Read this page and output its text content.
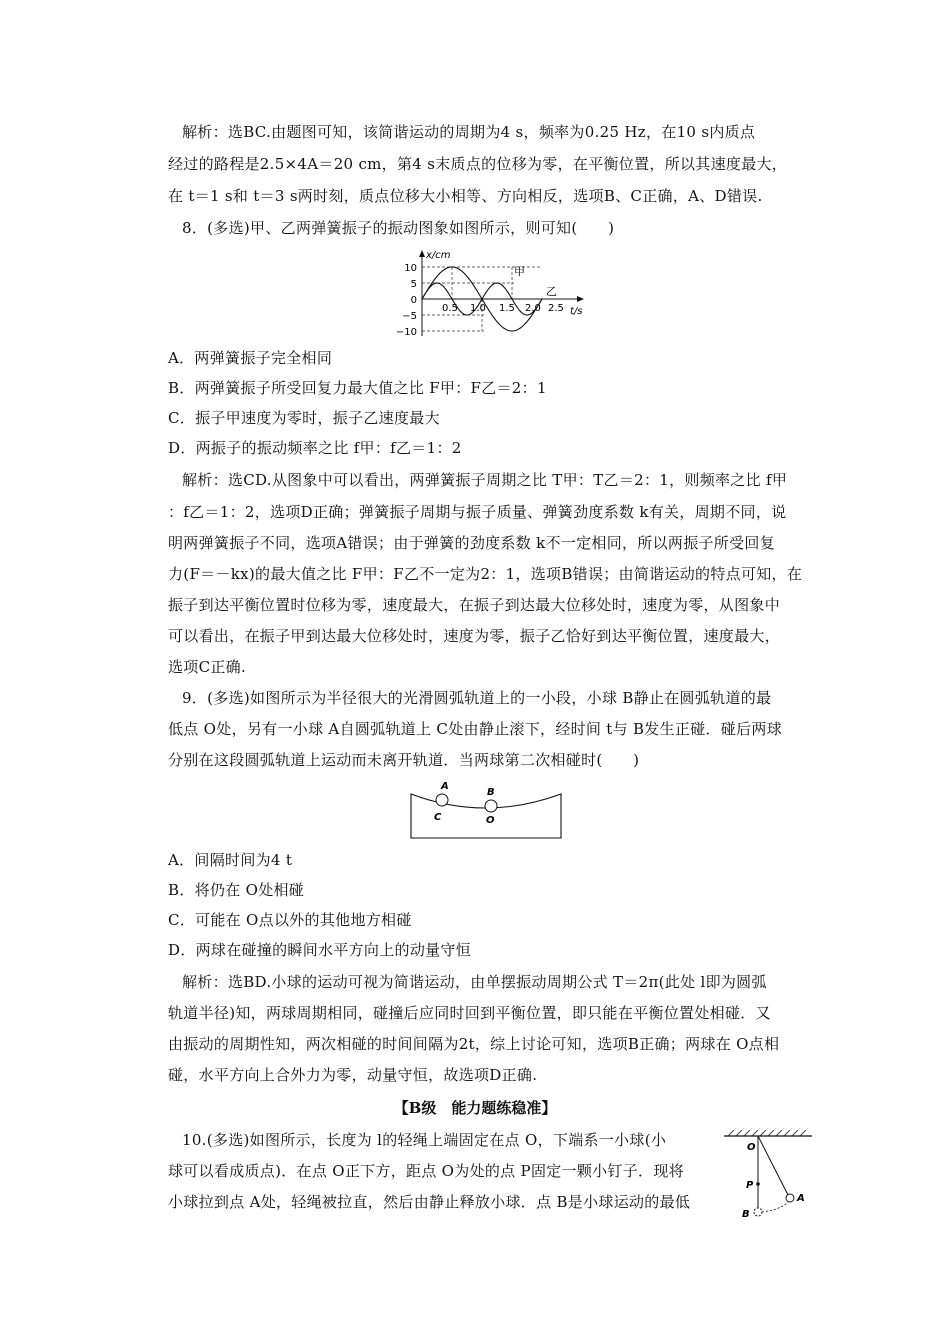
解析：选BC.由题图可知，该简谐运动的周期为4 s，频率为0.25 Hz，在10 s内质点
经过的路程是2.5×4A＝20 cm，第4 s末质点的位移为零，在平衡位置，所以其速度最大，
在 t＝1 s和 t＝3 s两时刻，质点位移大小相等、方向相反，选项B、C正确，A、D错误.
8．(多选)甲、乙两弹簧振子的振动图象如图所示，则可知(　　)
x/cm
t/s
10
5
0
−5
−10
0.5 1.0 1.5 2.0 2.5
甲
乙
A．两弹簧振子完全相同
B．两弹簧振子所受回复力最大值之比 F甲：F乙＝2：1
C．振子甲速度为零时，振子乙速度最大
D．两振子的振动频率之比 f甲：f乙＝1：2
解析：选CD.从图象中可以看出，两弹簧振子周期之比 T甲：T乙＝2：1，则频率之比 f甲
：f乙＝1：2，选项D正确；弹簧振子周期与振子质量、弹簧劲度系数 k有关，周期不同，说
明两弹簧振子不同，选项A错误；由于弹簧的劲度系数 k不一定相同，所以两振子所受回复
力(F＝－kx)的最大值之比 F甲：F乙不一定为2：1，选项B错误；由简谐运动的特点可知，在
振子到达平衡位置时位移为零，速度最大，在振子到达最大位移处时，速度为零，从图象中
可以看出，在振子甲到达最大位移处时，速度为零，振子乙恰好到达平衡位置，速度最大，
选项C正确.
9．(多选)如图所示为半径很大的光滑圆弧轨道上的一小段，小球 B静止在圆弧轨道的最
低点 O处，另有一小球 A自圆弧轨道上 C处由静止滚下，经时间 t与 B发生正碰．碰后两球
分别在这段圆弧轨道上运动而未离开轨道．当两球第二次相碰时(　　)
A
B
C	O
A．间隔时间为4 t
B．将仍在 O处相碰
C．可能在 O点以外的其他地方相碰
D．两球在碰撞的瞬间水平方向上的动量守恒
解析：选BD.小球的运动可视为简谐运动，由单摆振动周期公式 T＝2π(此处 l即为圆弧
轨道半径)知，两球周期相同，碰撞后应同时回到平衡位置，即只能在平衡位置处相碰．又
由振动的周期性知，两次相碰的时间间隔为2t，综上讨论可知，选项B正确；两球在 O点相
碰，水平方向上合外力为零，动量守恒，故选项D正确.
【B级　能力题练稳准】
10.(多选)如图所示，长度为 l的轻绳上端固定在点 O，下端系一小球(小
球可以看成质点)．在点 O正下方，距点 O为处的点 P固定一颗小钉子．现将
小球拉到点 A处，轻绳被拉直，然后由静止释放小球．点 B是小球运动的最低
O
P
A
B
